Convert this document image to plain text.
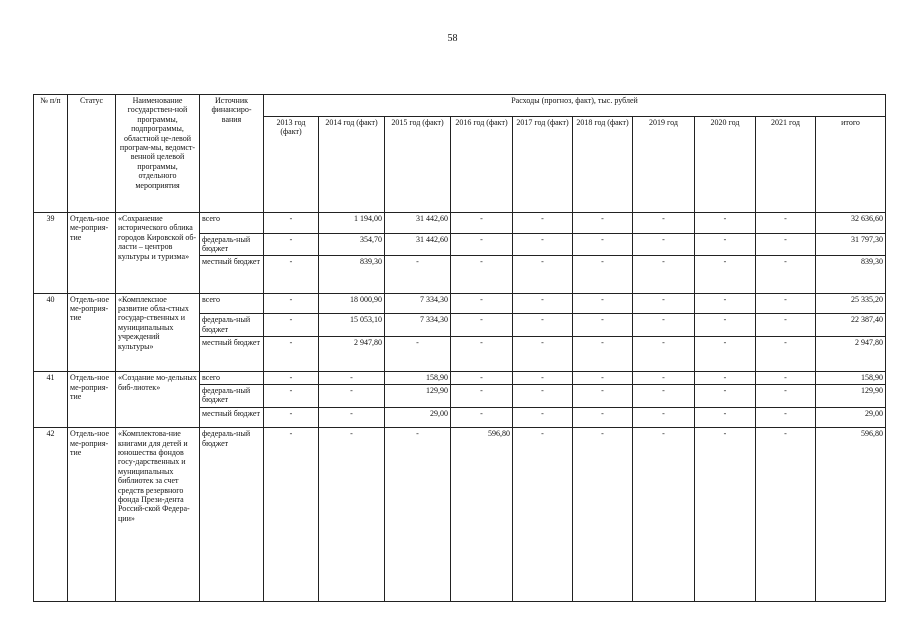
58
№ п/п	Статус	Наименование государствен-ной программы, подпрограммы, областной це-левой програм-мы, ведомст-венной целевой программы, отдельного мероприятия	Источник финансиро-вания	Расходы (прогноз, факт), тыс. рублей									
				2013 год (факт)	2014 год (факт)	2015 год (факт)	2016 год (факт)	2017 год (факт)	2018 год (факт)	2019 год	2020 год	2021 год	итого
39	Отдель-ное ме-роприя-тие	«Сохранение исторического облика городов Кировской об-ласти – центров культуры и туризма»	всего	-	1 194,00	31 442,60	-	-	-	-	-	-	32 636,60
			федераль-ный бюджет	-	354,70	31 442,60	-	-	-	-	-	-	31 797,30
			местный бюджет	-	839,30	-	-	-	-	-	-	-	839,30
40	Отдель-ное ме-роприя-тие	«Комплексное развитие обла-стных государ-ственных и муниципальных учреждений культуры»	всего	-	18 000,90	7 334,30	-	-	-	-	-	-	25 335,20
			федераль-ный бюджет	-	15 053,10	7 334,30	-	-	-	-	-	-	22 387,40
			местный бюджет	-	2 947,80	-	-	-	-	-	-	-	2 947,80
41	Отдель-ное ме-роприя-тие	«Создание мо-дельных биб-лиотек»	всего	-	-	158,90	-	-	-	-	-	-	158,90
			федераль-ный бюджет	-	-	129,90	-	-	-	-	-	-	129,90
			местный бюджет	-	-	29,00	-	-	-	-	-	-	29,00
42	Отдель-ное ме-роприя-тие	«Комплектова-ние книгами для детей и юношества фондов госу-дарственных и муниципальных библиотек за счет средств резервного фонда Прези-дента Россий-ской Федера-ции»	федераль-ный бюджет	-	-	-	596,80	-	-	-	-	-	596,80
